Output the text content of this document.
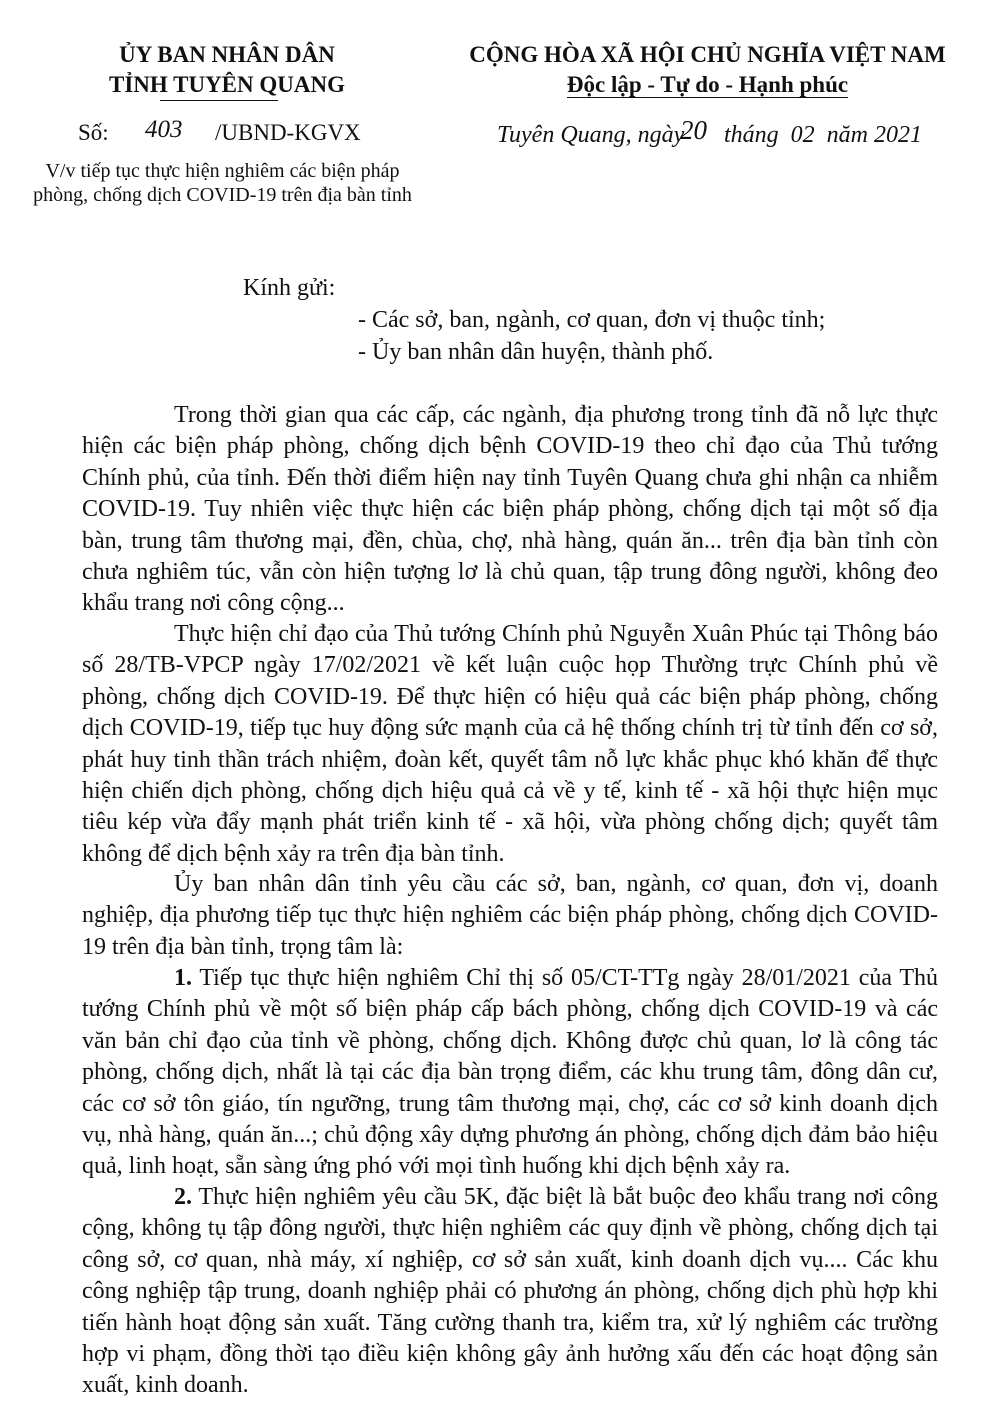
ỦY BAN NHÂN DÂN
TỈNH TUYÊN QUANG
CỘNG HÒA XÃ HỘI CHỦ NGHĨA VIỆT NAM
Độc lập - Tự do - Hạnh phúc
Số: 403 /UBND-KGVX	Tuyên Quang, ngày
20 tháng  02  năm 2021
V/v tiếp tục thực hiện nghiêm các biện pháp
phòng, chống dịch COVID-19 trên địa bàn tỉnh
Kính gửi:
- Các sở, ban, ngành, cơ quan, đơn vị thuộc tỉnh;
- Ủy ban nhân dân huyện, thành phố.

Trong thời gian qua các cấp, các ngành, địa phương trong tỉnh đã nỗ lực thực hiện các biện pháp phòng, chống dịch bệnh COVID-19 theo chỉ đạo của Thủ tướng Chính phủ, của tỉnh. Đến thời điểm hiện nay tỉnh Tuyên Quang chưa ghi nhận ca nhiễm COVID-19. Tuy nhiên việc thực hiện các biện pháp phòng, chống dịch tại một số địa bàn, trung tâm thương mại, đền, chùa, chợ, nhà hàng, quán ăn... trên địa bàn tỉnh còn chưa nghiêm túc, vẫn còn hiện tượng lơ là chủ quan, tập trung đông người, không đeo khẩu trang nơi công cộng...

Thực hiện chỉ đạo của Thủ tướng Chính phủ Nguyễn Xuân Phúc tại Thông báo số 28/TB-VPCP ngày 17/02/2021 về kết luận cuộc họp Thường trực Chính phủ về phòng, chống dịch COVID-19. Để thực hiện có hiệu quả các biện pháp phòng, chống dịch COVID-19, tiếp tục huy động sức mạnh của cả hệ thống chính trị từ tỉnh đến cơ sở, phát huy tinh thần trách nhiệm, đoàn kết, quyết tâm nỗ lực khắc phục khó khăn để thực hiện chiến dịch phòng, chống dịch hiệu quả cả về y tế, kinh tế - xã hội thực hiện mục tiêu kép vừa đẩy mạnh phát triển kinh tế - xã hội, vừa phòng chống dịch; quyết tâm không để dịch bệnh xảy ra trên địa bàn tỉnh.

Ủy ban nhân dân tỉnh yêu cầu các sở, ban, ngành, cơ quan, đơn vị, doanh nghiệp, địa phương tiếp tục thực hiện nghiêm các biện pháp phòng, chống dịch COVID-19 trên địa bàn tỉnh, trọng tâm là:

1. Tiếp tục thực hiện nghiêm Chỉ thị số 05/CT-TTg ngày 28/01/2021 của Thủ tướng Chính phủ về một số biện pháp cấp bách phòng, chống dịch COVID-19 và các văn bản chỉ đạo của tỉnh về phòng, chống dịch. Không được chủ quan, lơ là công tác phòng, chống dịch, nhất là tại các địa bàn trọng điểm, các khu trung tâm, đông dân cư, các cơ sở tôn giáo, tín ngưỡng, trung tâm thương mại, chợ, các cơ sở kinh doanh dịch vụ, nhà hàng, quán ăn...; chủ động xây dựng phương án phòng, chống dịch đảm bảo hiệu quả, linh hoạt, sẵn sàng ứng phó với mọi tình huống khi dịch bệnh xảy ra.

2. Thực hiện nghiêm yêu cầu 5K, đặc biệt là bắt buộc đeo khẩu trang nơi công cộng, không tụ tập đông người, thực hiện nghiêm các quy định về phòng, chống dịch tại công sở, cơ quan, nhà máy, xí nghiệp, cơ sở sản xuất, kinh doanh dịch vụ.... Các khu công nghiệp tập trung, doanh nghiệp phải có phương án phòng, chống dịch phù hợp khi tiến hành hoạt động sản xuất. Tăng cường thanh tra, kiểm tra, xử lý nghiêm các trường hợp vi phạm, đồng thời tạo điều kiện không gây ảnh hưởng xấu đến các hoạt động sản xuất, kinh doanh.
